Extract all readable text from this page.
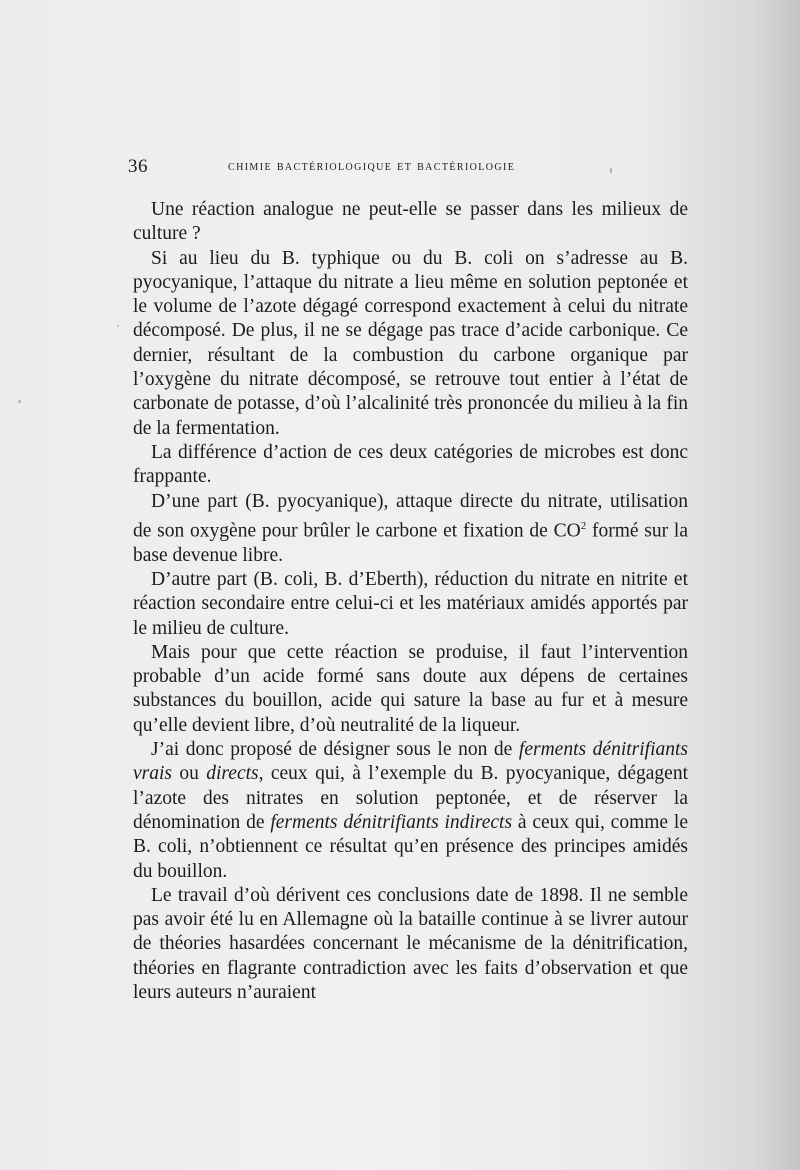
36	chimie bactériologique et bactériologie

Une réaction analogue ne peut-elle se passer dans les milieux de culture ?

Si au lieu du B. typhique ou du B. coli on s’adresse au B. pyocyanique, l’attaque du nitrate a lieu même en solution peptonée et le volume de l’azote dégagé correspond exactement à celui du nitrate décomposé. De plus, il ne se dégage pas trace d’acide carbonique. Ce dernier, résultant de la combustion du carbone organique par l’oxygène du nitrate décomposé, se retrouve tout entier à l’état de carbonate de potasse, d’où l’alcalinité très prononcée du milieu à la fin de la fermentation.

La différence d’action de ces deux catégories de microbes est donc frappante.

D’une part (B. pyocyanique), attaque directe du nitrate, utilisation de son oxygène pour brûler le carbone et fixation de $CO^2$ formé sur la base devenue libre.

D’autre part (B. coli, B. d’Eberth), réduction du nitrate en nitrite et réaction secondaire entre celui-ci et les matériaux amidés apportés par le milieu de culture.

Mais pour que cette réaction se produise, il faut l’intervention probable d’un acide formé sans doute aux dépens de certaines substances du bouillon, acide qui sature la base au fur et à mesure qu’elle devient libre, d’où neutralité de la liqueur.

J’ai donc proposé de désigner sous le non de ferments dénitrifiants vrais ou directs, ceux qui, à l’exemple du B. pyocyanique, dégagent l’azote des nitrates en solution peptonée, et de réserver la dénomination de ferments dénitrifiants indirects à ceux qui, comme le B. coli, n’obtiennent ce résultat qu’en présence des principes amidés du bouillon.

Le travail d’où dérivent ces conclusions date de 1898. Il ne semble pas avoir été lu en Allemagne où la bataille continue à se livrer autour de théories hasardées concernant le mécanisme de la dénitrification, théories en flagrante contradiction avec les faits d’observation et que leurs auteurs n’auraient
